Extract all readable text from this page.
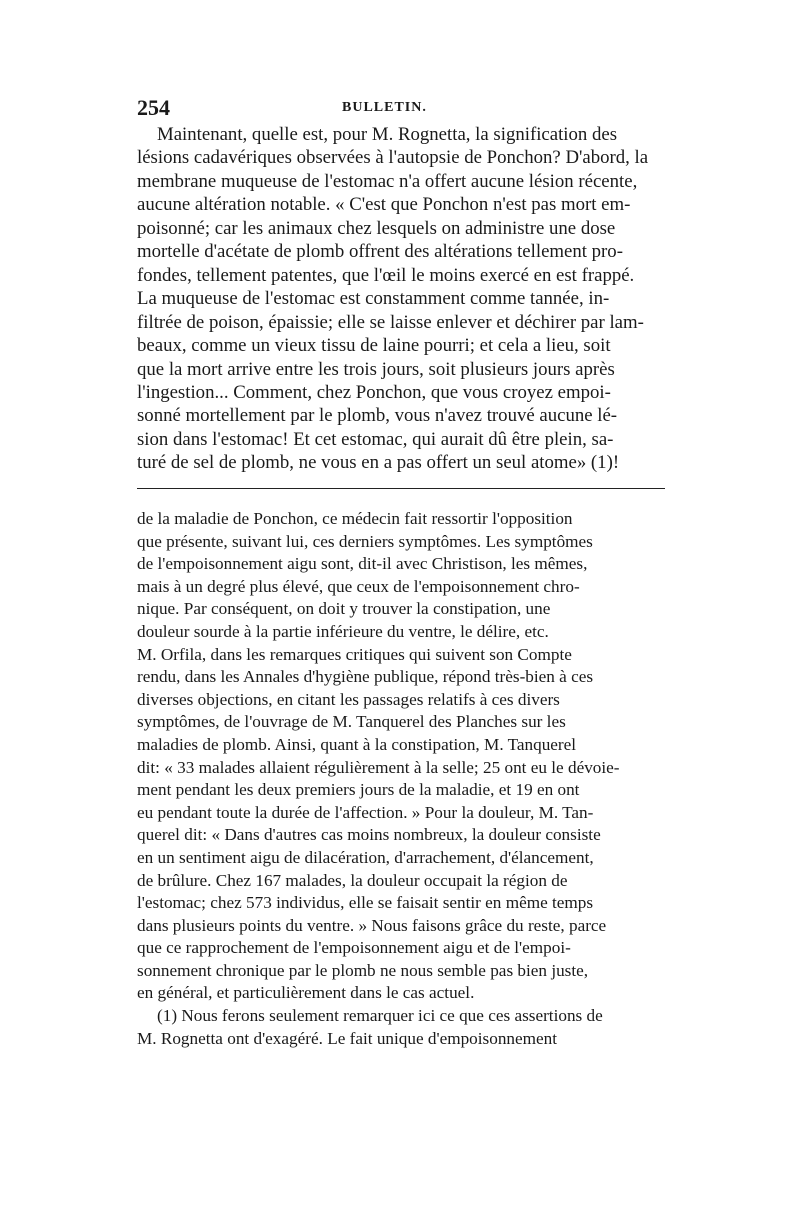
254	BULLETIN.

Maintenant, quelle est, pour M. Rognetta, la signification des
lésions cadavériques observées à l'autopsie de Ponchon? D'abord, la
membrane muqueuse de l'estomac n'a offert aucune lésion récente,
aucune altération notable. « C'est que Ponchon n'est pas mort em-
poisonné; car les animaux chez lesquels on administre une dose
mortelle d'acétate de plomb offrent des altérations tellement pro-
fondes, tellement patentes, que l'œil le moins exercé en est frappé.
La muqueuse de l'estomac est constamment comme tannée, in-
filtrée de poison, épaissie; elle se laisse enlever et déchirer par lam-
beaux, comme un vieux tissu de laine pourri; et cela a lieu, soit
que la mort arrive entre les trois jours, soit plusieurs jours après
l'ingestion... Comment, chez Ponchon, que vous croyez empoi-
sonné mortellement par le plomb, vous n'avez trouvé aucune lé-
sion dans l'estomac! Et cet estomac, qui aurait dû être plein, sa-
turé de sel de plomb, ne vous en a pas offert un seul atome» (1)!

de la maladie de Ponchon, ce médecin fait ressortir l'opposition
que présente, suivant lui, ces derniers symptômes. Les symptômes
de l'empoisonnement aigu sont, dit-il avec Christison, les mêmes,
mais à un degré plus élevé, que ceux de l'empoisonnement chro-
nique. Par conséquent, on doit y trouver la constipation, une
douleur sourde à la partie inférieure du ventre, le délire, etc.
M. Orfila, dans les remarques critiques qui suivent son Compte
rendu, dans les Annales d'hygiène publique, répond très-bien à ces
diverses objections, en citant les passages relatifs à ces divers
symptômes, de l'ouvrage de M. Tanquerel des Planches sur les
maladies de plomb. Ainsi, quant à la constipation, M. Tanquerel
dit: « 33 malades allaient régulièrement à la selle; 25 ont eu le dévoie-
ment pendant les deux premiers jours de la maladie, et 19 en ont
eu pendant toute la durée de l'affection. » Pour la douleur, M. Tan-
querel dit: « Dans d'autres cas moins nombreux, la douleur consiste
en un sentiment aigu de dilacération, d'arrachement, d'élancement,
de brûlure. Chez 167 malades, la douleur occupait la région de
l'estomac; chez 573 individus, elle se faisait sentir en même temps
dans plusieurs points du ventre. » Nous faisons grâce du reste, parce
que ce rapprochement de l'empoisonnement aigu et de l'empoi-
sonnement chronique par le plomb ne nous semble pas bien juste,
en général, et particulièrement dans le cas actuel.

(1) Nous ferons seulement remarquer ici ce que ces assertions de
M. Rognetta ont d'exagéré. Le fait unique d'empoisonnement
